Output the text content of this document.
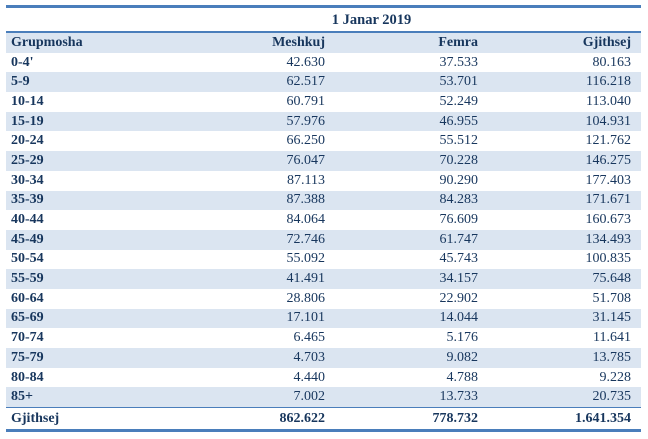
1 Janar 2019
Grupmosha	Meshkuj	Femra	Gjithsej
0-4'	42.630	37.533	80.163
5-9	62.517	53.701	116.218
10-14	60.791	52.249	113.040
15-19	57.976	46.955	104.931
20-24	66.250	55.512	121.762
25-29	76.047	70.228	146.275
30-34	87.113	90.290	177.403
35-39	87.388	84.283	171.671
40-44	84.064	76.609	160.673
45-49	72.746	61.747	134.493
50-54	55.092	45.743	100.835
55-59	41.491	34.157	75.648
60-64	28.806	22.902	51.708
65-69	17.101	14.044	31.145
70-74	6.465	5.176	11.641
75-79	4.703	9.082	13.785
80-84	4.440	4.788	9.228
85+	7.002	13.733	20.735
Gjithsej	862.622	778.732	1.641.354
